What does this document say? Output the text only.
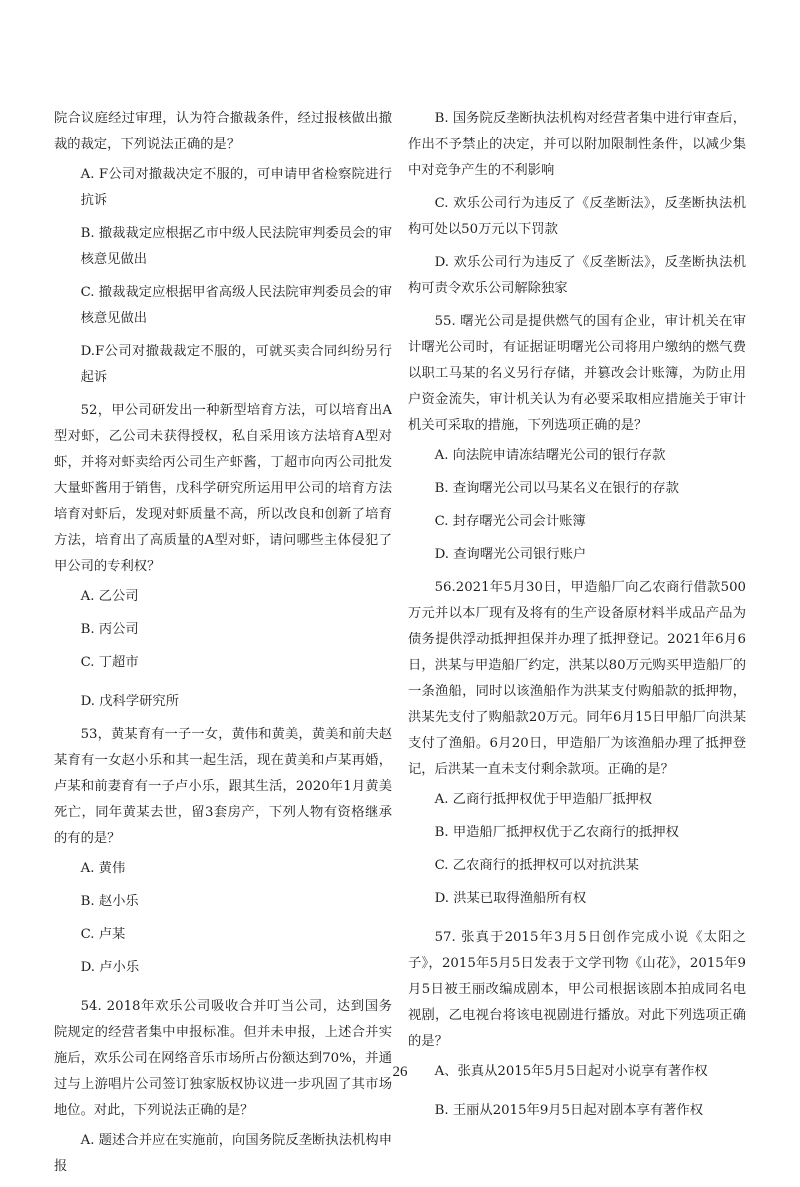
院合议庭经过审理，认为符合撤裁条件，经过报核做出撤裁的裁定，下列说法正确的是？

A. F公司对撤裁决定不服的，可申请甲省检察院进行抗诉

B. 撤裁裁定应根据乙市中级人民法院审判委员会的审核意见做出

C. 撤裁裁定应根据甲省高级人民法院审判委员会的审核意见做出

D.F公司对撤裁裁定不服的，可就买卖合同纠纷另行起诉

52，甲公司研发出一种新型培育方法，可以培育出A型对虾，乙公司未获得授权，私自采用该方法培育A型对虾，并将对虾卖给丙公司生产虾酱，丁超市向丙公司批发大量虾酱用于销售，戊科学研究所运用甲公司的培育方法培育对虾后，发现对虾质量不高，所以改良和创新了培育方法，培育出了高质量的A型对虾，请问哪些主体侵犯了甲公司的专利权？

A. 乙公司

B. 丙公司

C. 丁超市

D. 戊科学研究所

53，黄某育有一子一女，黄伟和黄美，黄美和前夫赵某育有一女赵小乐和其一起生活，现在黄美和卢某再婚，卢某和前妻育有一子卢小乐，跟其生活，2020年1月黄美死亡，同年黄某去世，留3套房产，下列人物有资格继承的有的是？

A. 黄伟

B. 赵小乐

C. 卢某

D. 卢小乐

54. 2018年欢乐公司吸收合并叮当公司，达到国务院规定的经营者集中申报标准。但并未申报，上述合并实施后，欢乐公司在网络音乐市场所占份额达到70%，并通过与上游唱片公司签订独家版权协议进一步巩固了其市场地位。对此，下列说法正确的是？

A. 题述合并应在实施前，向国务院反垄断执法机构申报

B. 国务院反垄断执法机构对经营者集中进行审查后，作出不予禁止的决定，并可以附加限制性条件，以减少集中对竞争产生的不利影响

C. 欢乐公司行为违反了《反垄断法》，反垄断执法机构可处以50万元以下罚款

D. 欢乐公司行为违反了《反垄断法》，反垄断执法机构可责令欢乐公司解除独家

55. 曙光公司是提供燃气的国有企业，审计机关在审计曙光公司时，有证据证明曙光公司将用户缴纳的燃气费以职工马某的名义另行存储，并篡改会计账簿，为防止用户资金流失，审计机关认为有必要采取相应措施关于审计机关可采取的措施，下列选项正确的是？

A. 向法院申请冻结曙光公司的银行存款

B. 查询曙光公司以马某名义在银行的存款

C. 封存曙光公司会计账簿

D. 查询曙光公司银行账户

56.2021年5月30日，甲造船厂向乙农商行借款500万元并以本厂现有及将有的生产设备原材料半成品产品为债务提供浮动抵押担保并办理了抵押登记。2021年6月6日，洪某与甲造船厂约定，洪某以80万元购买甲造船厂的一条渔船，同时以该渔船作为洪某支付购船款的抵押物，洪某先支付了购船款20万元。同年6月15日甲船厂向洪某支付了渔船。6月20日，甲造船厂为该渔船办理了抵押登记，后洪某一直未支付剩余款项。正确的是？

A. 乙商行抵押权优于甲造船厂抵押权

B. 甲造船厂抵押权优于乙农商行的抵押权

C. 乙农商行的抵押权可以对抗洪某

D. 洪某已取得渔船所有权

57. 张真于2015年3月5日创作完成小说《太阳之子》，2015年5月5日发表于文学刊物《山花》，2015年9月5日被王丽改编成剧本，甲公司根据该剧本拍成同名电视剧，乙电视台将该电视剧进行播放。对此下列选项正确的是？

A、张真从2015年5月5日起对小说享有著作权

B. 王丽从2015年9月5日起对剧本享有著作权

26
